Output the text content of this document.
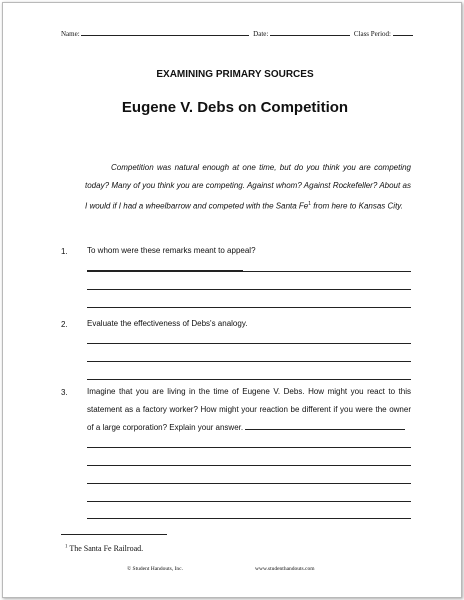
Name:	Date:	Class Period:
EXAMINING PRIMARY SOURCES
Eugene V. Debs on Competition
Competition was natural enough at one time, but do you think you are competing today? Many of you think you are competing. Against whom? Against Rockefeller? About as I would if I had a wheelbarrow and competed with the Santa Fe$^1$ from here to Kansas City.
1. To whom were these remarks meant to appeal?
2. Evaluate the effectiveness of Debs's analogy.
3. Imagine that you are living in the time of Eugene V. Debs. How might you react to this statement as a factory worker? How might your reaction be different if you were the owner of a large corporation? Explain your answer.
$^1$ The Santa Fe Railroad.
© Student Handouts, Inc.	www.studenthandouts.com
